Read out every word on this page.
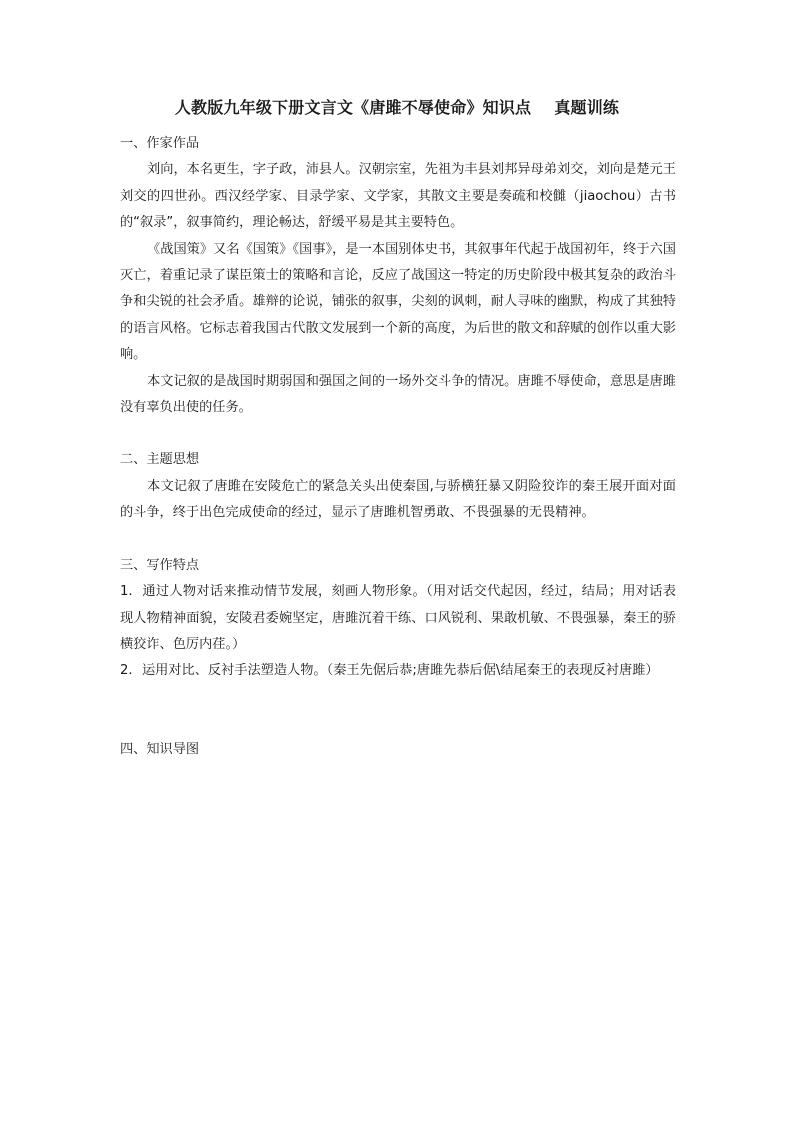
人教版九年级下册文言文《唐雎不辱使命》知识点    真题训练

一、作家作品

刘向，本名更生，字子政，沛县人。汉朝宗室，先祖为丰县刘邦异母弟刘交，刘向是楚元王刘交的四世孙。西汉经学家、目录学家、文学家，其散文主要是奏疏和校雠（jiaochou）古书的“叙录”，叙事简约，理论畅达，舒缓平易是其主要特色。

《战国策》又名《国策》《国事》，是一本国别体史书，其叙事年代起于战国初年，终于六国灭亡，着重记录了谋臣策士的策略和言论，反应了战国这一特定的历史阶段中极其复杂的政治斗争和尖锐的社会矛盾。雄辩的论说，铺张的叙事，尖刻的讽刺，耐人寻味的幽默，构成了其独特的语言风格。它标志着我国古代散文发展到一个新的高度，为后世的散文和辞赋的创作以重大影响。

本文记叙的是战国时期弱国和强国之间的一场外交斗争的情况。唐雎不辱使命，意思是唐雎没有辜负出使的任务。

二、主题思想

本文记叙了唐雎在安陵危亡的紧急关头出使秦国,与骄横狂暴又阴险狡诈的秦王展开面对面的斗争，终于出色完成使命的经过，显示了唐雎机智勇敢、不畏强暴的无畏精神。

三、写作特点

1. 通过人物对话来推动情节发展，刻画人物形象。（用对话交代起因，经过，结局；用对话表现人物精神面貌，安陵君委婉坚定，唐雎沉着干练、口风锐利、果敢机敏、不畏强暴，秦王的骄横狡诈、色厉内荏。）

2. 运用对比、反衬手法塑造人物。（秦王先倨后恭;唐雎先恭后倨\结尾秦王的表现反衬唐雎）

四、知识导图
